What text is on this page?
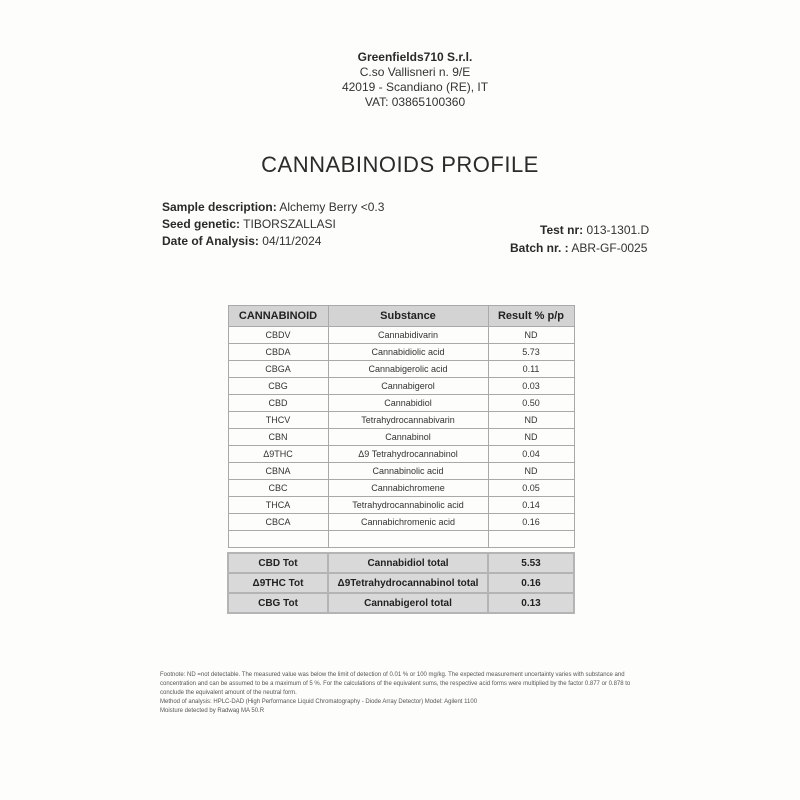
Greenfields710 S.r.l.
C.so Vallisneri n. 9/E
42019 - Scandiano (RE), IT
VAT: 03865100360
CANNABINOIDS PROFILE
Sample description: Alchemy Berry <0.3
Seed genetic: TIBORSZALLASI
Date of Analysis: 04/11/2024
Test nr: 013-1301.D
Batch nr. : ABR-GF-0025
CANNABINOID	Substance	Result % p/p
CBDV	Cannabidivarin	ND
CBDA	Cannabidiolic acid	5.73
CBGA	Cannabigerolic acid	0.11
CBG	Cannabigerol	0.03
CBD	Cannabidiol	0.50
THCV	Tetrahydrocannabivarin	ND
CBN	Cannabinol	ND
Δ9THC	Δ9 Tetrahydrocannabinol	0.04
CBNA	Cannabinolic acid	ND
CBC	Cannabichromene	0.05
THCA	Tetrahydrocannabinolic acid	0.14
CBCA	Cannabichromenic acid	0.16

CBD Tot	Cannabidiol total	5.53
Δ9THC Tot	Δ9Tetrahydrocannabinol total	0.16
CBG Tot	Cannabigerol total	0.13
Footnote: ND =not detectable. The measured value was below the limit of detection of 0.01 % or 100 mg/kg. The expected measurement uncertainty varies with substance and concentration and can be assumed to be a maximum of 5 %. For the calculations of the equivalent sums, the respective acid forms were multiplied by the factor 0.877 or 0.878 to conclude the equivalent amount of the neutral form.
Method of analysis: HPLC-DAD (High Performance Liquid Chromatography - Diode Array Detector) Model: Agilent 1100
Moisture detected by Radwag MA 50.R
